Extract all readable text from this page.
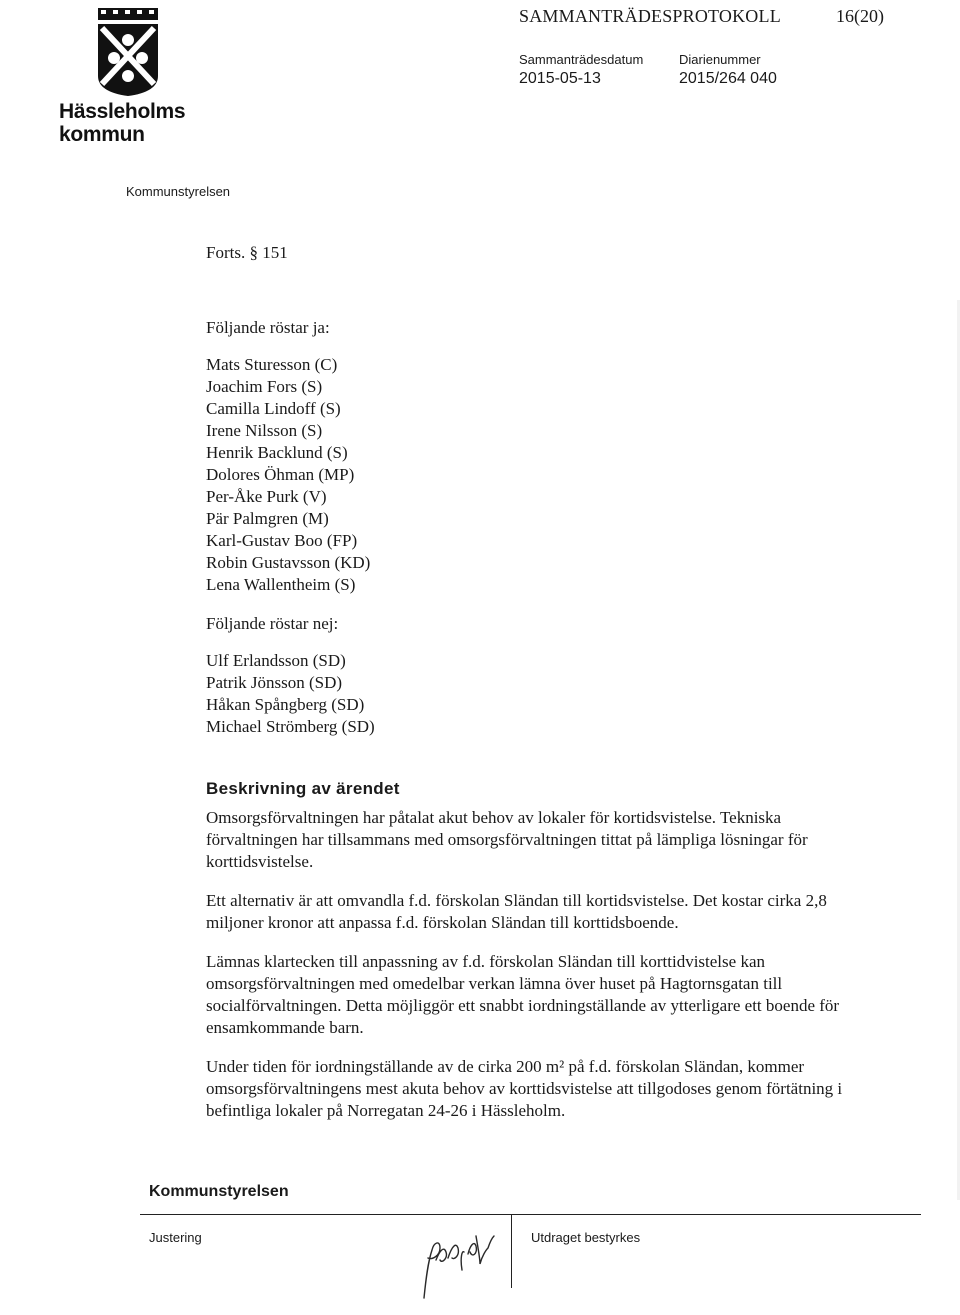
Hässleholms kommun
SAMMANTRÄDESPROTOKOLL	16(20)
Sammanträdesdatum
2015-05-13
Diarienummer
2015/264 040
Kommunstyrelsen

Forts. § 151

Följande röstar ja:

Mats Sturesson (C)

Joachim Fors (S)

Camilla Lindoff (S)

Irene Nilsson (S)

Henrik Backlund (S)

Dolores Öhman (MP)

Per-Åke Purk (V)

Pär Palmgren (M)

Karl-Gustav Boo (FP)

Robin Gustavsson (KD)

Lena Wallentheim (S)

Följande röstar nej:

Ulf Erlandsson (SD)

Patrik Jönsson (SD)

Håkan Spångberg (SD)

Michael Strömberg (SD)

Beskrivning av ärendet

Omsorgsförvaltningen har påtalat akut behov av lokaler för kortidsvistelse. Tekniska förvaltningen har tillsammans med omsorgsförvaltningen tittat på lämpliga lösningar för korttidsvistelse.

Ett alternativ är att omvandla f.d. förskolan Sländan till kortidsvistelse. Det kostar cirka 2,8 miljoner kronor att anpassa f.d. förskolan Sländan till korttidsboende.

Lämnas klartecken till anpassning av f.d. förskolan Sländan till korttidvistelse kan omsorgsförvaltningen med omedelbar verkan lämna över huset på Hagtornsgatan till socialförvaltningen. Detta möjliggör ett snabbt iordningställande av ytterligare ett boende för ensamkommande barn.

Under tiden för iordningställande av de cirka 200 m² på f.d. förskolan Sländan, kommer omsorgsförvaltningens mest akuta behov av korttidsvistelse att tillgodoses genom förtätning i befintliga lokaler på Norregatan 24-26 i Hässleholm.

Kommunstyrelsen
Justering	Utdraget bestyrkes
